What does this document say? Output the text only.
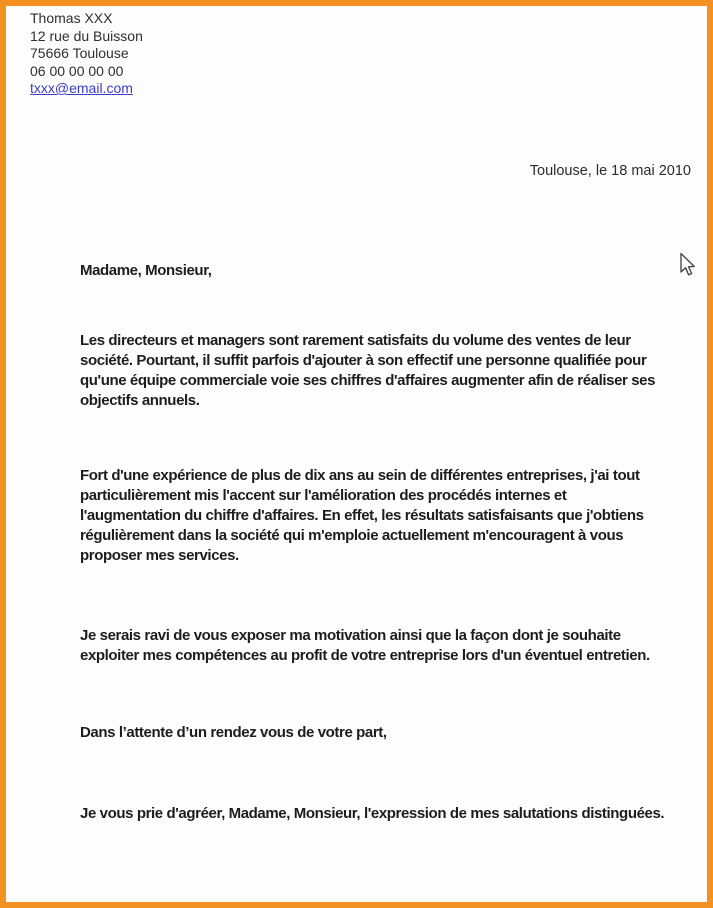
Thomas XXX
12 rue du Buisson
75666 Toulouse
06 00 00 00 00
txxx@email.com
Toulouse, le 18 mai 2010

Madame, Monsieur,

Les directeurs et managers sont rarement satisfaits du volume des ventes de leur société. Pourtant, il suffit parfois d'ajouter à son effectif une personne qualifiée pour qu'une équipe commerciale voie ses chiffres d'affaires augmenter afin de réaliser ses objectifs annuels.

Fort d'une expérience de plus de dix ans au sein de différentes entreprises, j'ai tout particulièrement mis l'accent sur l'amélioration des procédés internes et l'augmentation du chiffre d'affaires. En effet, les résultats satisfaisants que j'obtiens régulièrement dans la société qui m'emploie actuellement m'encouragent à vous proposer mes services.

Je serais ravi de vous exposer ma motivation ainsi que la façon dont je souhaite exploiter mes compétences au profit de votre entreprise lors d'un éventuel entretien.

Dans l’attente d’un rendez vous de votre part,

Je vous prie d'agréer, Madame, Monsieur, l'expression de mes salutations distinguées.
